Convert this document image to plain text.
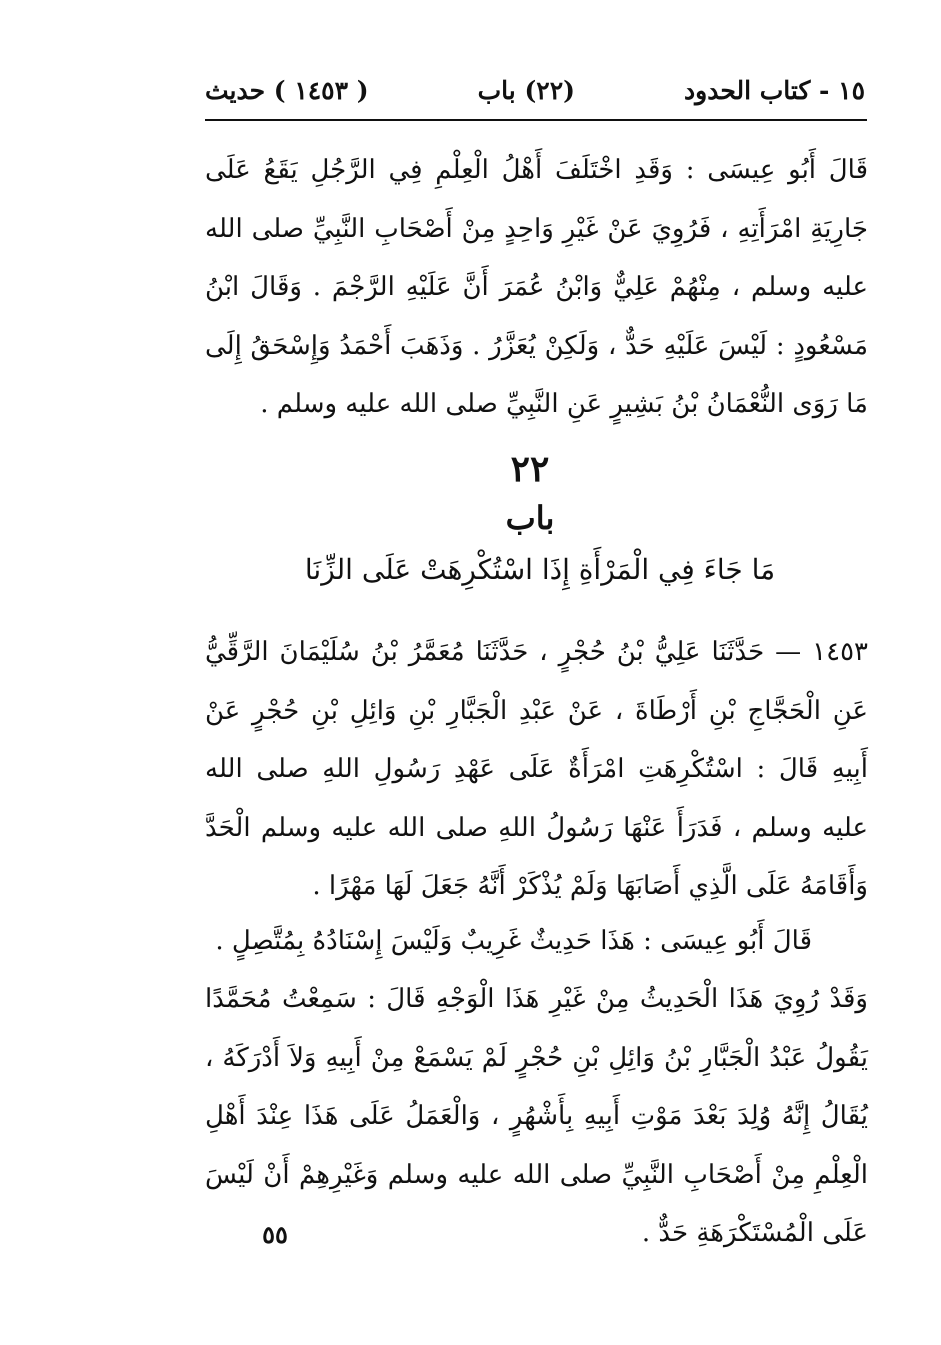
١٥ - كتاب الحدود
(٢٢) باب
( ١٤٥٣ ) حديث
قَالَ أَبُو عِيسَى : وَقَدِ اخْتَلَفَ أَهْلُ الْعِلْمِ فِي الرَّجُلِ يَقَعُ عَلَى جَارِيَةِ امْرَأَتِهِ ، فَرُوِيَ عَنْ غَيْرِ وَاحِدٍ مِنْ أَصْحَابِ النَّبِيِّ صلى الله عليه وسلم ، مِنْهُمْ عَلِيٌّ وَابْنُ عُمَرَ أَنَّ عَلَيْهِ الرَّجْمَ . وَقَالَ ابْنُ مَسْعُودٍ : لَيْسَ عَلَيْهِ حَدٌّ ، وَلَكِنْ يُعَزَّرُ . وَذَهَبَ أَحْمَدُ وَإِسْحَقُ إِلَى مَا رَوَى النُّعْمَانُ بْنُ بَشِيرٍ عَنِ النَّبِيِّ صلى الله عليه وسلم .
٢٢
باب
مَا جَاءَ فِي الْمَرْأَةِ إِذَا اسْتُكْرِهَتْ عَلَى الزِّنَا
١٤٥٣ — حَدَّثَنَا عَلِيُّ بْنُ حُجْرٍ ، حَدَّثَنَا مُعَمَّرُ بْنُ سُلَيْمَانَ الرَّقِّيُّ عَنِ الْحَجَّاجِ بْنِ أَرْطَاةَ ، عَنْ عَبْدِ الْجَبَّارِ بْنِ وَائِلِ بْنِ حُجْرٍ عَنْ أَبِيهِ قَالَ : اسْتُكْرِهَتِ امْرَأَةٌ عَلَى عَهْدِ رَسُولِ اللهِ صلى الله عليه وسلم ، فَدَرَأَ عَنْهَا رَسُولُ اللهِ صلى الله عليه وسلم الْحَدَّ وَأَقَامَهُ عَلَى الَّذِي أَصَابَهَا وَلَمْ يُذْكَرْ أَنَّهُ جَعَلَ لَهَا مَهْرًا .
قَالَ أَبُو عِيسَى : هَذَا حَدِيثٌ غَرِيبٌ وَلَيْسَ إِسْنَادُهُ بِمُتَّصِلٍ .
وَقَدْ رُوِيَ هَذَا الْحَدِيثُ مِنْ غَيْرِ هَذَا الْوَجْهِ قَالَ : سَمِعْتُ مُحَمَّدًا يَقُولُ عَبْدُ الْجَبَّارِ بْنُ وَائِلِ بْنِ حُجْرٍ لَمْ يَسْمَعْ مِنْ أَبِيهِ وَلاَ أَدْرَكَهُ ، يُقَالُ إِنَّهُ وُلِدَ بَعْدَ مَوْتِ أَبِيهِ بِأَشْهُرٍ ، وَالْعَمَلُ عَلَى هَذَا عِنْدَ أَهْلِ الْعِلْمِ مِنْ أَصْحَابِ النَّبِيِّ صلى الله عليه وسلم وَغَيْرِهِمْ أَنْ لَيْسَ عَلَى الْمُسْتَكْرَهَةِ حَدٌّ .
٥٥
